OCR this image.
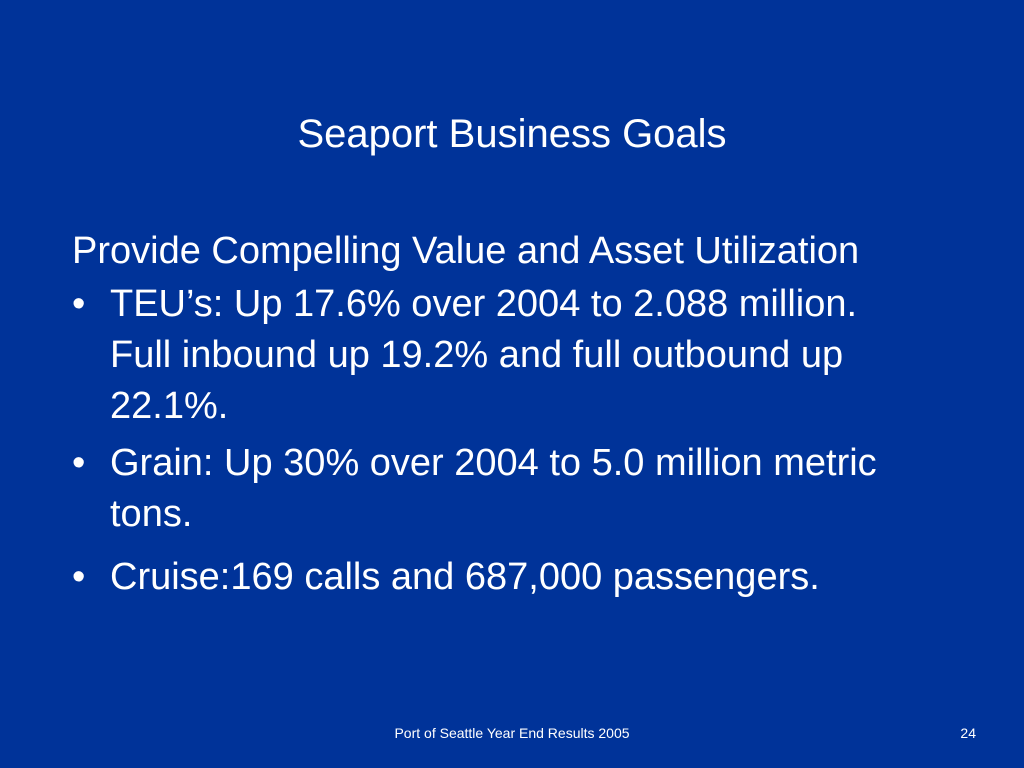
Seaport Business Goals
Provide Compelling Value and Asset Utilization
• TEU’s: Up 17.6% over 2004 to 2.088 million. Full inbound up 19.2% and full outbound up 22.1%.
• Grain: Up 30% over 2004 to 5.0 million metric tons.
• Cruise:169 calls and 687,000 passengers.
Port of Seattle Year End Results 2005	24
